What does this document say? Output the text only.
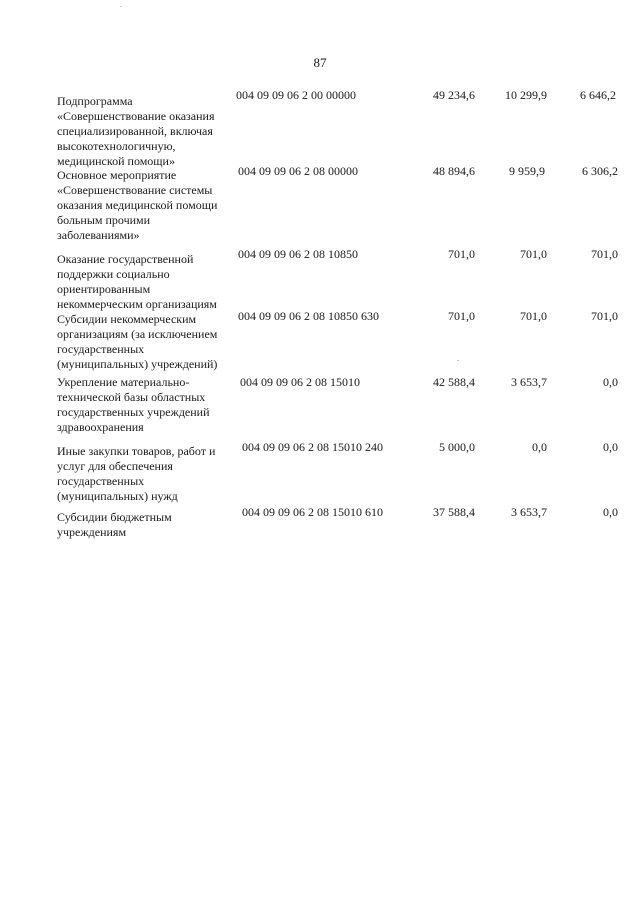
87
Подпрограмма «Совершенствование оказания специализированной, включая высокотехнологичную, медицинской помощи»
004 09 09 06 2 00 00000	49 234,6	10 299,9	6 646,2
Основное мероприятие «Совершенствование системы оказания медицинской помощи больным прочими заболеваниями»
004 09 09 06 2 08 00000	48 894,6	9 959,9	6 306,2
Оказание государственной поддержки социально ориентированным некоммерческим организациям
004 09 09 06 2 08 10850	701,0	701,0	701,0
Субсидии некоммерческим организациям (за исключением государственных (муниципальных) учреждений)
004 09 09 06 2 08 10850 630	701,0	701,0	701,0
Укрепление материально-технической базы областных государственных учреждений здравоохранения
004 09 09 06 2 08 15010	42 588,4	3 653,7	0,0
Иные закупки товаров, работ и услуг для обеспечения государственных (муниципальных) нужд
004 09 09 06 2 08 15010 240	5 000,0	0,0	0,0
Субсидии бюджетным учреждениям
004 09 09 06 2 08 15010 610	37 588,4	3 653,7	0,0
